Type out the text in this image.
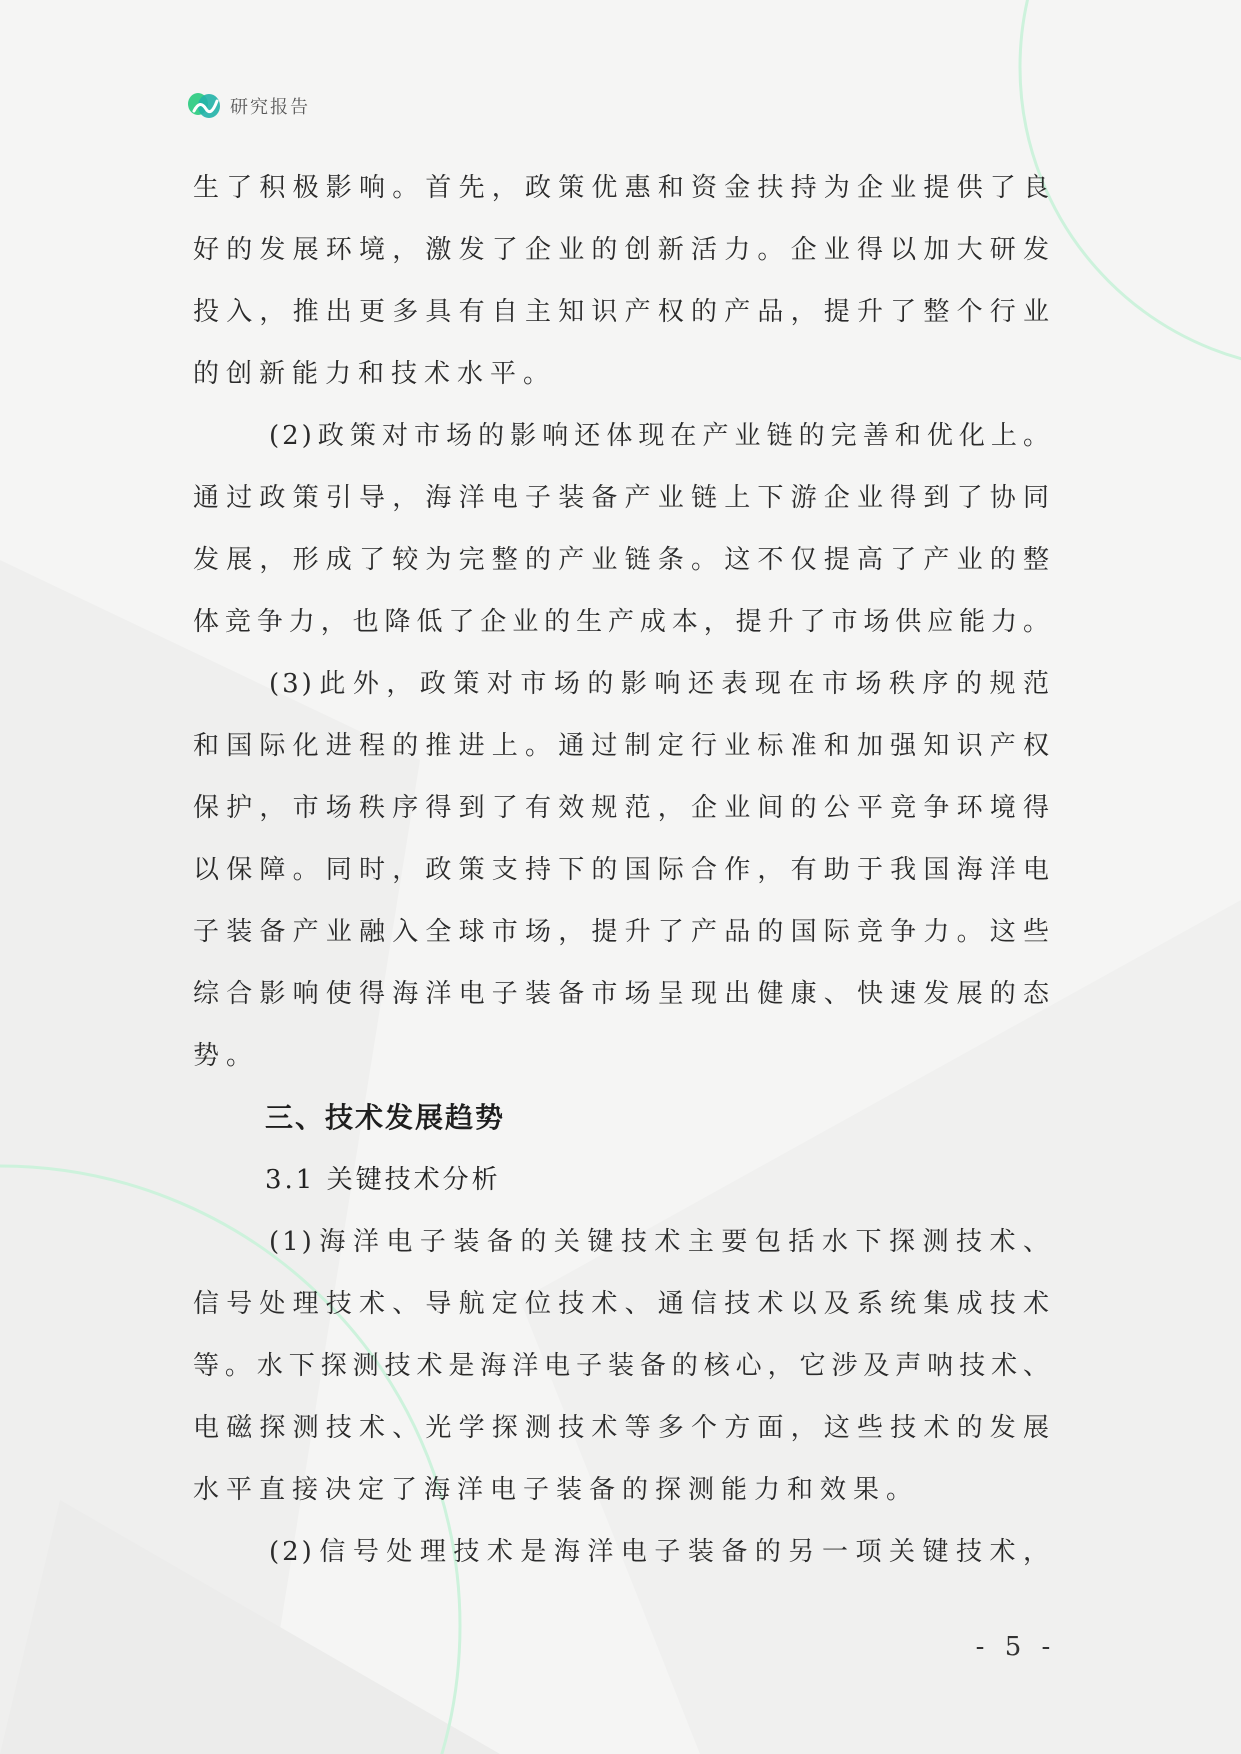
研究报告
生了积极影响。首先，政策优惠和资金扶持为企业提供了良
好的发展环境，激发了企业的创新活力。企业得以加大研发
投入，推出更多具有自主知识产权的产品，提升了整个行业
的创新能力和技术水平。
(2)政策对市场的影响还体现在产业链的完善和优化上。
通过政策引导，海洋电子装备产业链上下游企业得到了协同
发展，形成了较为完整的产业链条。这不仅提高了产业的整
体竞争力，也降低了企业的生产成本，提升了市场供应能力。
(3)此外，政策对市场的影响还表现在市场秩序的规范
和国际化进程的推进上。通过制定行业标准和加强知识产权
保护，市场秩序得到了有效规范，企业间的公平竞争环境得
以保障。同时，政策支持下的国际合作，有助于我国海洋电
子装备产业融入全球市场，提升了产品的国际竞争力。这些
综合影响使得海洋电子装备市场呈现出健康、快速发展的态
势。
三、技术发展趋势
3.1 关键技术分析
(1)海洋电子装备的关键技术主要包括水下探测技术、
信号处理技术、导航定位技术、通信技术以及系统集成技术
等。水下探测技术是海洋电子装备的核心，它涉及声呐技术、
电磁探测技术、光学探测技术等多个方面，这些技术的发展
水平直接决定了海洋电子装备的探测能力和效果。
(2)信号处理技术是海洋电子装备的另一项关键技术，
- 5 -
